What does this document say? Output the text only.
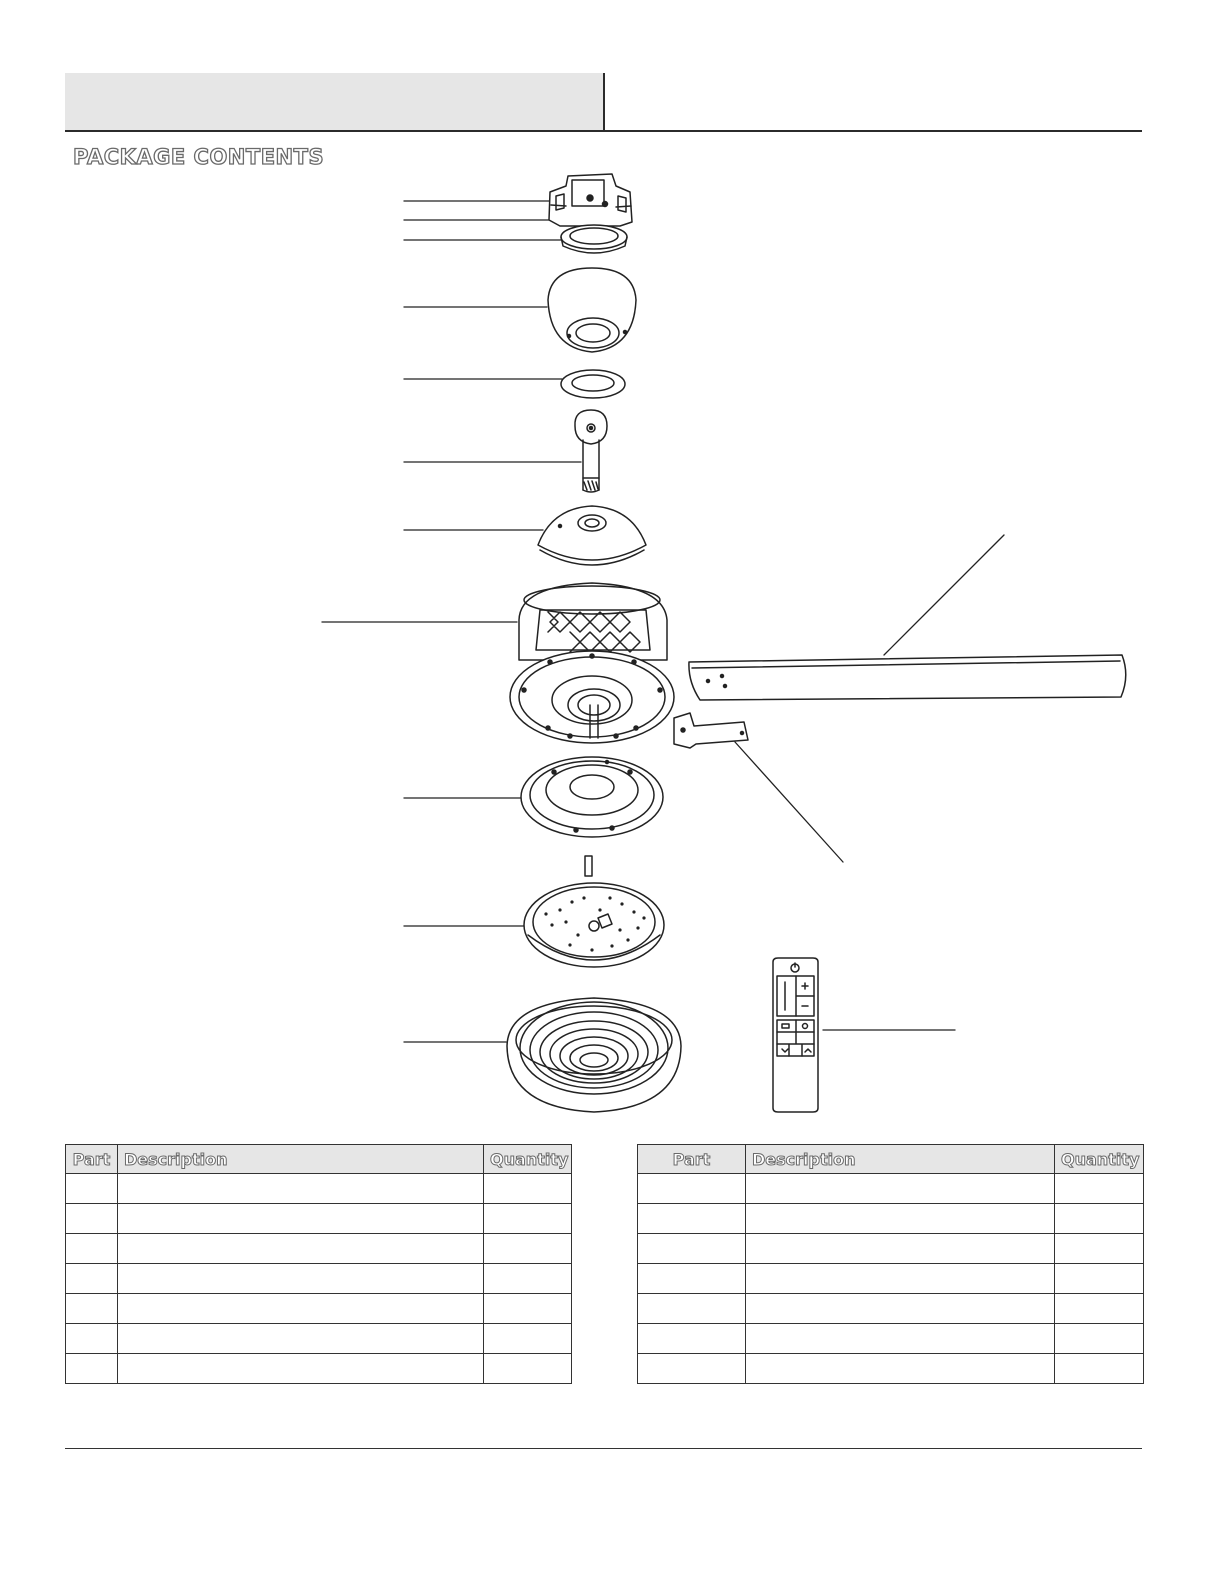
PACKAGE CONTENTS
Part	Description	Quantity

			Part	Description	Quantity
